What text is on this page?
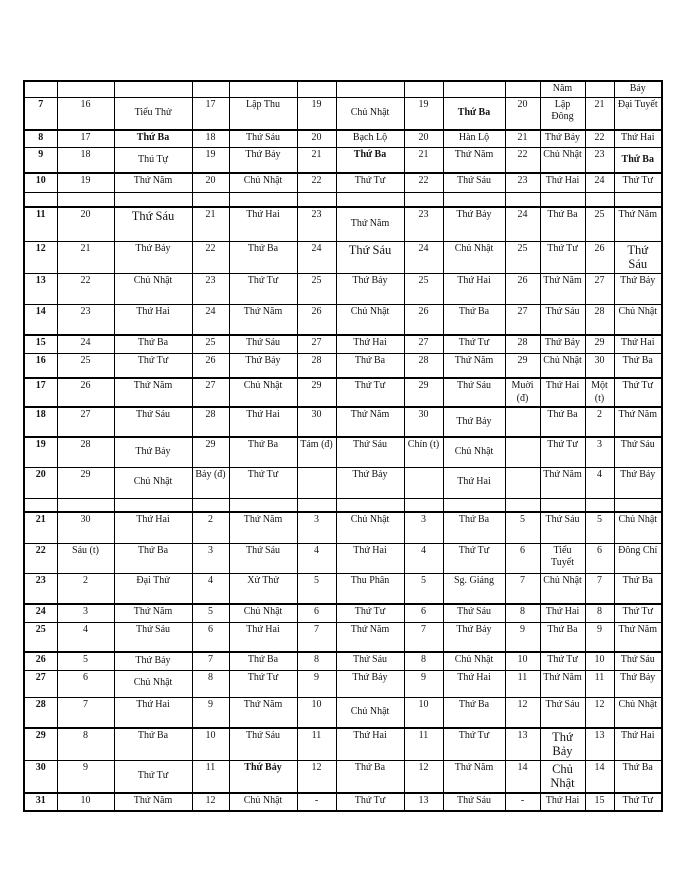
										Năm		Bảy
7	16	Tiểu Thử	17	Lập Thu	19	Chủ Nhật	19	Thứ Ba	20	Lập Đông	21	Đại Tuyết
8	17	Thứ Ba	18	Thứ Sáu	20	Bạch Lộ	20	Hàn Lộ	21	Thứ Bảy	22	Thứ Hai
9	18	Thú Tự	19	Thứ Bảy	21	Thứ Ba	21	Thứ Năm	22	Chủ Nhật	23	Thứ Ba
10	19	Thứ Năm	20	Chủ Nhật	22	Thứ Tư	22	Thứ Sáu	23	Thứ Hai	24	Thứ Tư

11	20	Thứ Sáu	21	Thứ Hai	23	Thứ Năm	23	Thứ Bảy	24	Thứ Ba	25	Thứ Năm
12	21	Thứ Bảy	22	Thứ Ba	24	Thứ Sáu	24	Chủ Nhật	25	Thứ Tư	26	Thứ Sáu
13	22	Chủ Nhật	23	Thứ Tư	25	Thứ Bảy	25	Thứ Hai	26	Thứ Năm	27	Thứ Bảy
14	23	Thứ Hai	24	Thứ Năm	26	Chủ Nhật	26	Thứ Ba	27	Thứ Sáu	28	Chủ Nhật
15	24	Thứ Ba	25	Thứ Sáu	27	Thứ Hai	27	Thứ Tư	28	Thứ Bảy	29	Thứ Hai
16	25	Thứ Tư	26	Thứ Bảy	28	Thứ Ba	28	Thứ Năm	29	Chủ Nhật	30	Thứ Ba
17	26	Thứ Năm	27	Chủ Nhật	29	Thứ Tư	29	Thứ Sáu	Muời (đ)	Thứ Hai	Một (t)	Thứ Tư
18	27	Thứ Sáu	28	Thứ Hai	30	Thứ Năm	30	Thứ Bảy		Thứ Ba	2	Thứ Năm
19	28	Thứ Bảy	29	Thứ Ba	Tám (đ)	Thứ Sáu	Chín (t)	Chủ Nhật		Thứ Tư	3	Thứ Sáu
20	29	Chủ Nhật	Bảy (đ)	Thứ Tư		Thứ Bảy		Thứ Hai		Thứ Năm	4	Thứ Bảy

21	30	Thứ Hai	2	Thứ Năm	3	Chủ Nhật	3	Thứ Ba	5	Thứ Sáu	5	Chủ Nhật
22	Sáu (t)	Thứ Ba	3	Thứ Sáu	4	Thứ Hai	4	Thứ Tư	6	Tiểu Tuyết	6	Đông Chí
23	2	Đại Thử	4	Xử Thử	5	Thu Phân	5	Sg. Giáng	7	Chủ Nhật	7	Thứ Ba
24	3	Thứ Năm	5	Chủ Nhật	6	Thứ Tư	6	Thứ Sáu	8	Thứ Hai	8	Thứ Tư
25	4	Thứ Sáu	6	Thứ Hai	7	Thứ Năm	7	Thứ Bảy	9	Thứ Ba	9	Thứ Năm
26	5	Thứ Bảy	7	Thứ Ba	8	Thứ Sáu	8	Chủ Nhật	10	Thứ Tư	10	Thứ Sáu
27	6	Chủ Nhật	8	Thứ Tư	9	Thứ Bảy	9	Thứ Hai	11	Thứ Năm	11	Thứ Bảy
28	7	Thứ Hai	9	Thứ Năm	10	Chủ Nhật	10	Thứ Ba	12	Thứ Sáu	12	Chủ Nhật
29	8	Thứ Ba	10	Thứ Sáu	11	Thứ Hai	11	Thứ Tư	13	Thứ Bảy	13	Thứ Hai
30	9	Thứ Tư	11	Thứ Bảy	12	Thứ Ba	12	Thứ Năm	14	Chủ Nhật	14	Thứ Ba
31	10	Thứ Năm	12	Chủ Nhật	-	Thứ Tư	13	Thứ Sáu	-	Thứ Hai	15	Thứ Tư
